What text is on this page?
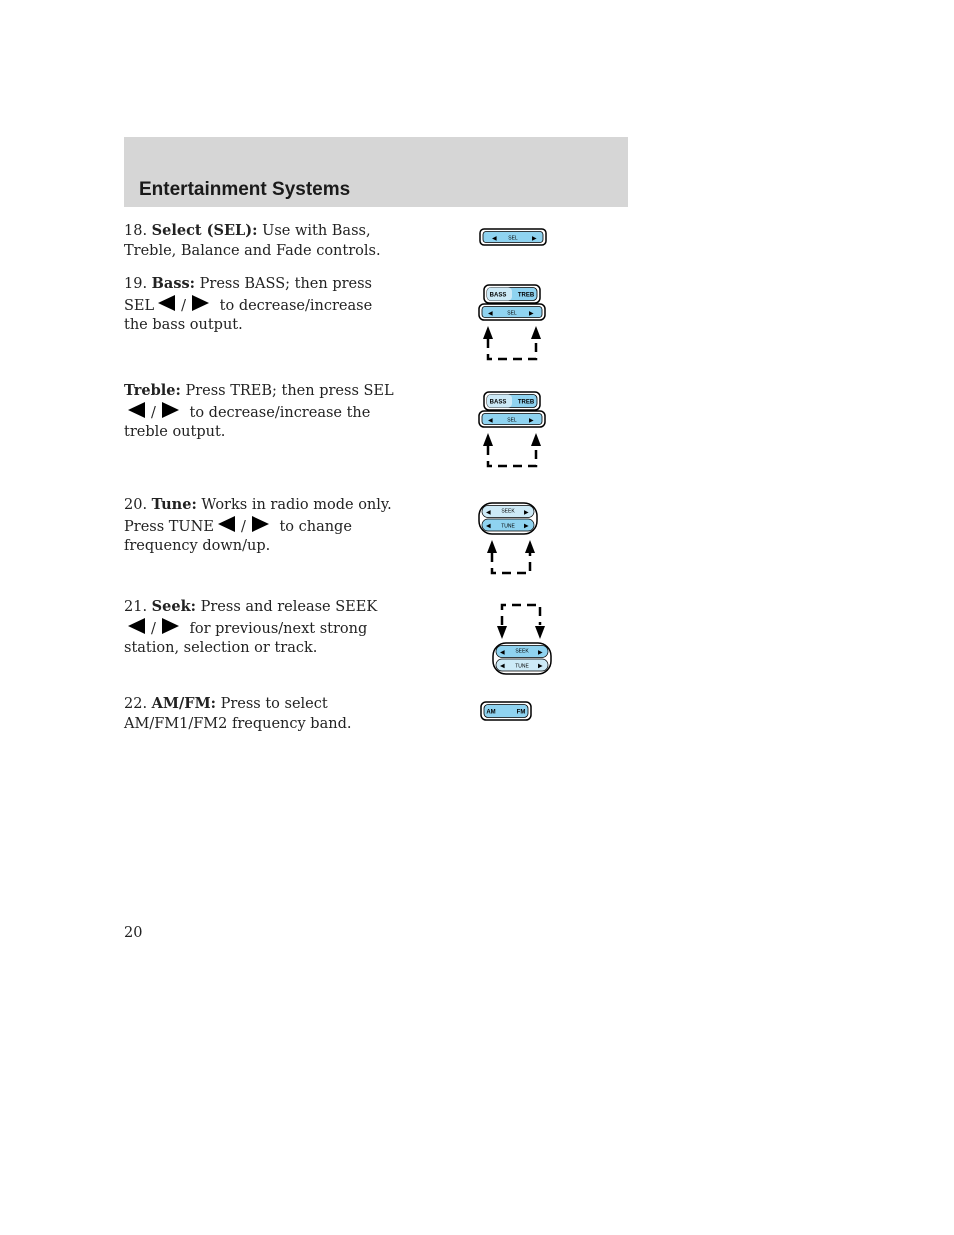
Entertainment Systems
18. Select (SEL): Use with Bass, Treble, Balance and Fade controls.
19. Bass: Press BASS; then press SEL / to decrease/increase the bass output.
Treble: Press TREB; then press SEL/ to decrease/increase the treble output.
20. Tune: Works in radio mode only. Press TUNE / to change frequency down/up.
21. Seek: Press and release SEEK/ for previous/next strong station, selection or track.
22. AM/FM: Press to select AM/FM1/FM2 frequency band.
◀ SEL ▶
BASS TREB
◀	SEL ▶
BASS TREB
◀	SEL ▶
◀ SEEK ▶
◀ TUNE ▶
◀ SEEK ▶
◀ TUNE ▶
AM	FM
20
